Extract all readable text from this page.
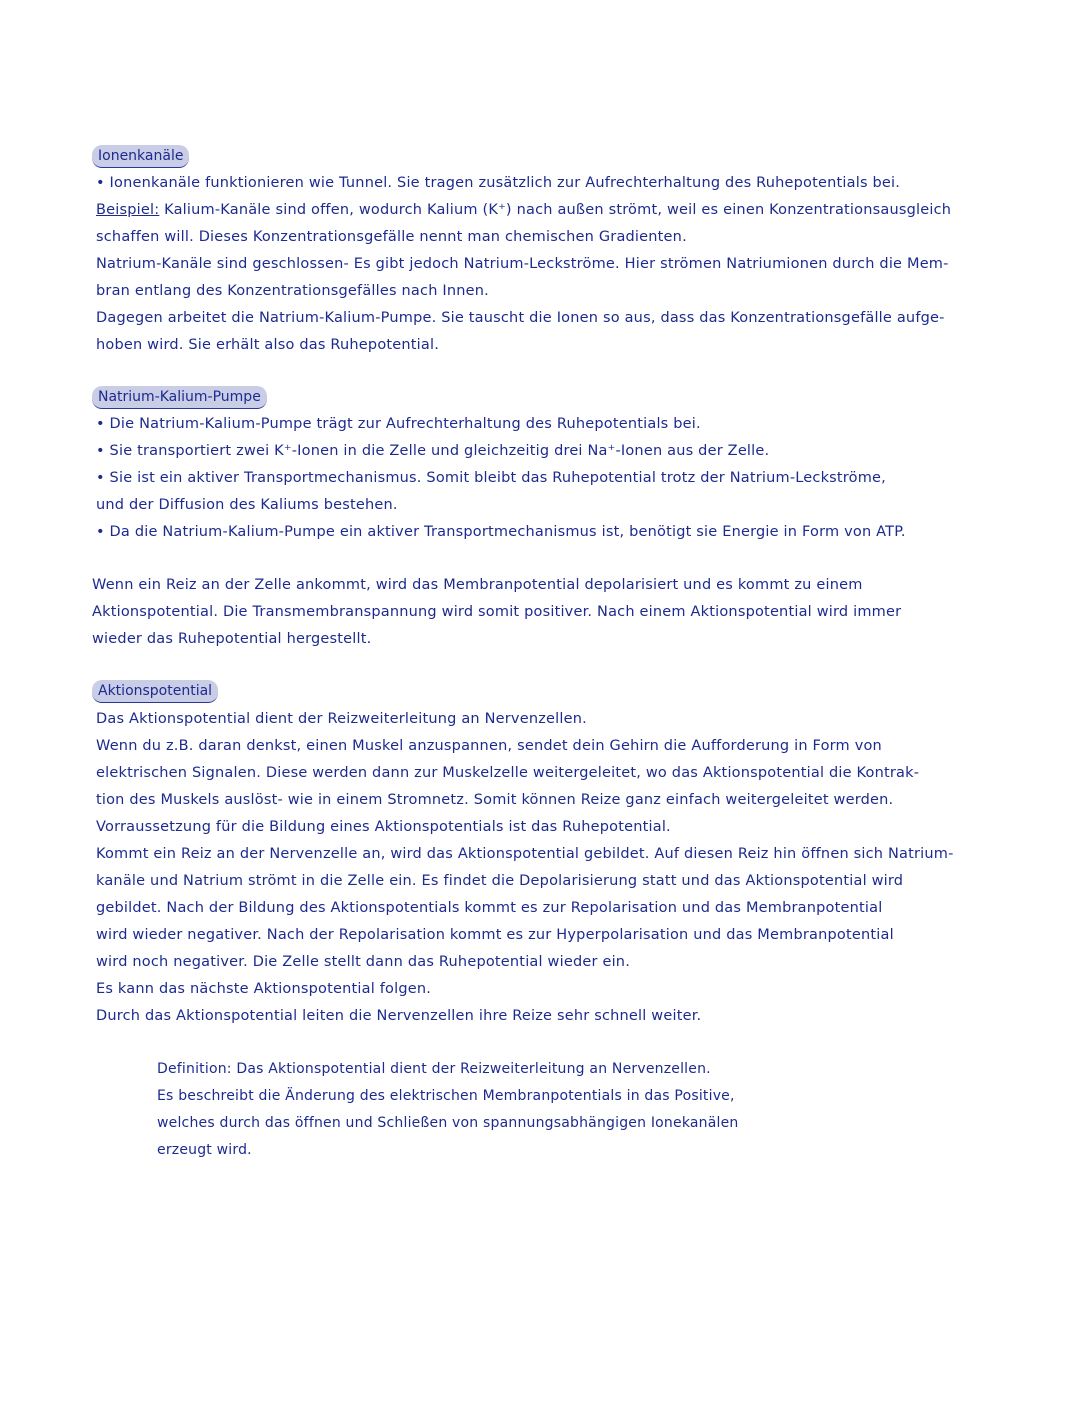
Ionenkanäle
• Ionenkanäle funktionieren wie Tunnel. Sie tragen zusätzlich zur Aufrechterhaltung des Ruhepotentials bei.
Beispiel: Kalium-Kanäle sind offen, wodurch Kalium (K⁺) nach außen strömt, weil es einen Konzentrationsausgleich
schaffen will. Dieses Konzentrationsgefälle nennt man chemischen Gradienten.
Natrium-Kanäle sind geschlossen- Es gibt jedoch Natrium-Leckströme. Hier strömen Natriumionen durch die Mem-
bran entlang des Konzentrationsgefälles nach Innen.
Dagegen arbeitet die Natrium-Kalium-Pumpe. Sie tauscht die Ionen so aus, dass das Konzentrationsgefälle aufge-
hoben wird. Sie erhält also das Ruhepotential.
Natrium-Kalium-Pumpe
• Die Natrium-Kalium-Pumpe trägt zur Aufrechterhaltung des Ruhepotentials bei.
• Sie transportiert zwei K⁺-Ionen in die Zelle und gleichzeitig drei Na⁺-Ionen aus der Zelle.
• Sie ist ein aktiver Transportmechanismus. Somit bleibt das Ruhepotential trotz der Natrium-Leckströme,
und der Diffusion des Kaliums bestehen.
• Da die Natrium-Kalium-Pumpe ein aktiver Transportmechanismus ist, benötigt sie Energie in Form von ATP.
Wenn ein Reiz an der Zelle ankommt, wird das Membranpotential depolarisiert und es kommt zu einem
Aktionspotential. Die Transmembranspannung wird somit positiver. Nach einem Aktionspotential wird immer
wieder das Ruhepotential hergestellt.
Aktionspotential
Das Aktionspotential dient der Reizweiterleitung an Nervenzellen.
Wenn du z.B. daran denkst, einen Muskel anzuspannen, sendet dein Gehirn die Aufforderung in Form von
elektrischen Signalen. Diese werden dann zur Muskelzelle weitergeleitet, wo das Aktionspotential die Kontrak-
tion des Muskels auslöst- wie in einem Stromnetz. Somit können Reize ganz einfach weitergeleitet werden.
Vorraussetzung für die Bildung eines Aktionspotentials ist das Ruhepotential.
Kommt ein Reiz an der Nervenzelle an, wird das Aktionspotential gebildet. Auf diesen Reiz hin öffnen sich Natrium-
kanäle und Natrium strömt in die Zelle ein. Es findet die Depolarisierung statt und das Aktionspotential wird
gebildet. Nach der Bildung des Aktionspotentials kommt es zur Repolarisation und das Membranpotential
wird wieder negativer. Nach der Repolarisation kommt es zur Hyperpolarisation und das Membranpotential
wird noch negativer. Die Zelle stellt dann das Ruhepotential wieder ein.
Es kann das nächste Aktionspotential folgen.
Durch das Aktionspotential leiten die Nervenzellen ihre Reize sehr schnell weiter.
Definition: Das Aktionspotential dient der Reizweiterleitung an Nervenzellen.
Es beschreibt die Änderung des elektrischen Membranpotentials in das Positive,
welches durch das öffnen und Schließen von spannungsabhängigen Ionekanälen
erzeugt wird.
